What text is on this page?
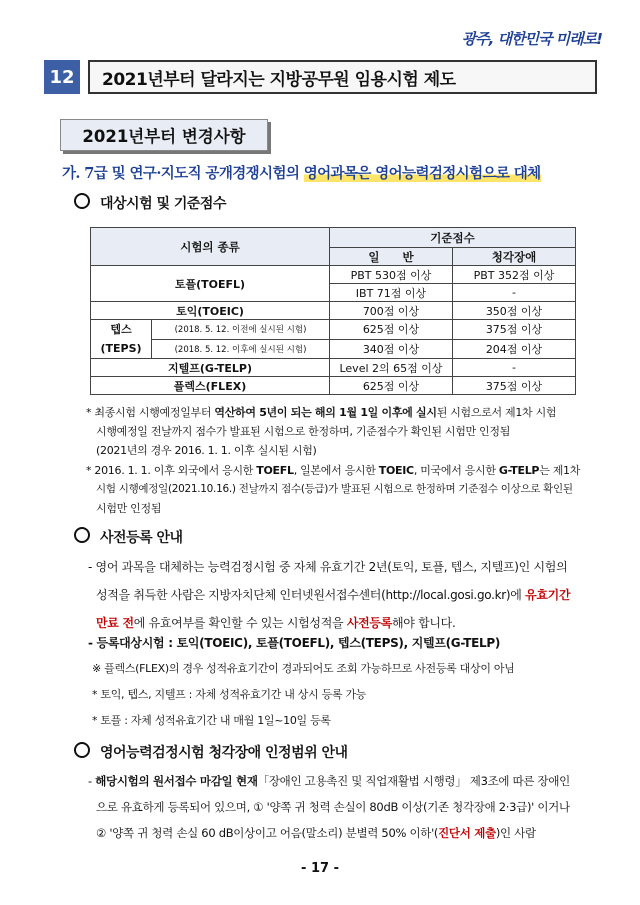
광주, 대한민국 미래로!
12	2021년부터 달라지는 지방공무원 임용시험 제도
2021년부터 변경사항
가. 7급 및 연구·지도직 공개경쟁시험의 영어과목은 영어능력검정시험으로 대체
대상시험 및 기준점수
시험의 종류		기준점수	
		일　　반	청각장애
토플(TOEFL)		PBT 530점 이상	PBT 352점 이상
		IBT 71점 이상	-
토익(TOEIC)		700점 이상	350점 이상
텝스
(TEPS)	(2018. 5. 12. 이전에 실시된 시험)	625점 이상	375점 이상
	(2018. 5. 12. 이후에 실시된 시험)	340점 이상	204점 이상
지텔프(G-TELP)		Level 2의 65점 이상	-
플렉스(FLEX)		625점 이상	375점 이상
* 최종시험 시행예정일부터 역산하여 5년이 되는 해의 1월 1일 이후에 실시된 시험으로서 제1차 시험
시행예정일 전날까지 점수가 발표된 시험으로 한정하며, 기준점수가 확인된 시험만 인정됨
(2021년의 경우 2016. 1. 1. 이후 실시된 시험)
* 2016. 1. 1. 이후 외국에서 응시한 TOEFL, 일본에서 응시한 TOEIC, 미국에서 응시한 G-TELP는 제1차
시험 시행예정일(2021.10.16.) 전날까지 점수(등급)가 발표된 시험으로 한정하며 기준점수 이상으로 확인된
시험만 인정됨
사전등록 안내
- 영어 과목을 대체하는 능력검정시험 중 자체 유효기간 2년(토익, 토플, 텝스, 지텔프)인 시험의
성적을 취득한 사람은 지방자치단체 인터넷원서접수센터(http://local.gosi.go.kr)에 유효기간
만료 전에 유효여부를 확인할 수 있는 시험성적을 사전등록해야 합니다.
- 등록대상시험 : 토익(TOEIC), 토플(TOEFL), 텝스(TEPS), 지텔프(G-TELP)
※ 플렉스(FLEX)의 경우 성적유효기간이 경과되어도 조회 가능하므로 사전등록 대상이 아님
* 토익, 텝스, 지텔프 : 자체 성적유효기간 내 상시 등록 가능
* 토플 : 자체 성적유효기간 내 매월 1일~10일 등록
영어능력검정시험 청각장애 인정범위 안내
- 해당시험의 원서접수 마감일 현재「장애인 고용촉진 및 직업재활법 시행령」 제3조에 따른 장애인
으로 유효하게 등록되어 있으며, ① '양쪽 귀 청력 손실이 80dB 이상(기존 청각장애 2·3급)' 이거나
② '양쪽 귀 청력 손실 60 dB이상이고 어음(말소리) 분별력 50% 이하'(진단서 제출)인 사람
- 17 -
